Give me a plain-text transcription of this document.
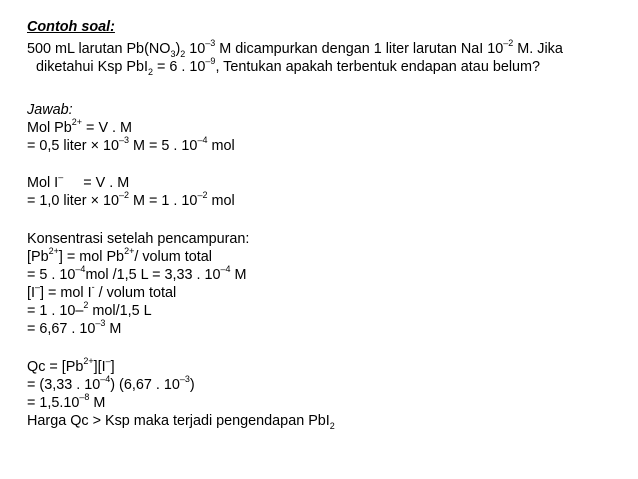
Contoh soal:
500 mL larutan $Pb(NO_3)_2$ $10^{-3}$ M dicampurkan dengan 1 liter larutan NaI $10^{-2}$ M. Jika
diketahui Ksp PbI$_2$ = 6 . $10^{-9}$, Tentukan apakah terbentuk endapan atau belum?
Jawab:
Mol $Pb^{2+} = V$ . M
= 0,5 liter × $10^{-3}$ M = 5 . $10^{-4}$ mol
Mol I–     = V . M
= 1,0 liter × $10^{-2}$ M = 1 . $10^{-2}$ mol
Konsentrasi setelah pencampuran:
$[Pb^{2+}]$ = mol $Pb^{2+}/$ volum total
= 5 . $10^{-4}mol$ /1,5 L = 3,33 . $10^{-4}$ M
[I–] = mol I- / volum total
= 1 . 10–$^2$ mol/1,5 L
= 6,67 . $10^{-3}$ M
$Qc = [Pb^{2+}][I^-]$
= (3,33 . $10^{-4}$) (6,67 . $10^{-3}$)
= $1,5.10^{-8}$ M
Harga Qc > Ksp maka terjadi pengendapan PbI$_2$
